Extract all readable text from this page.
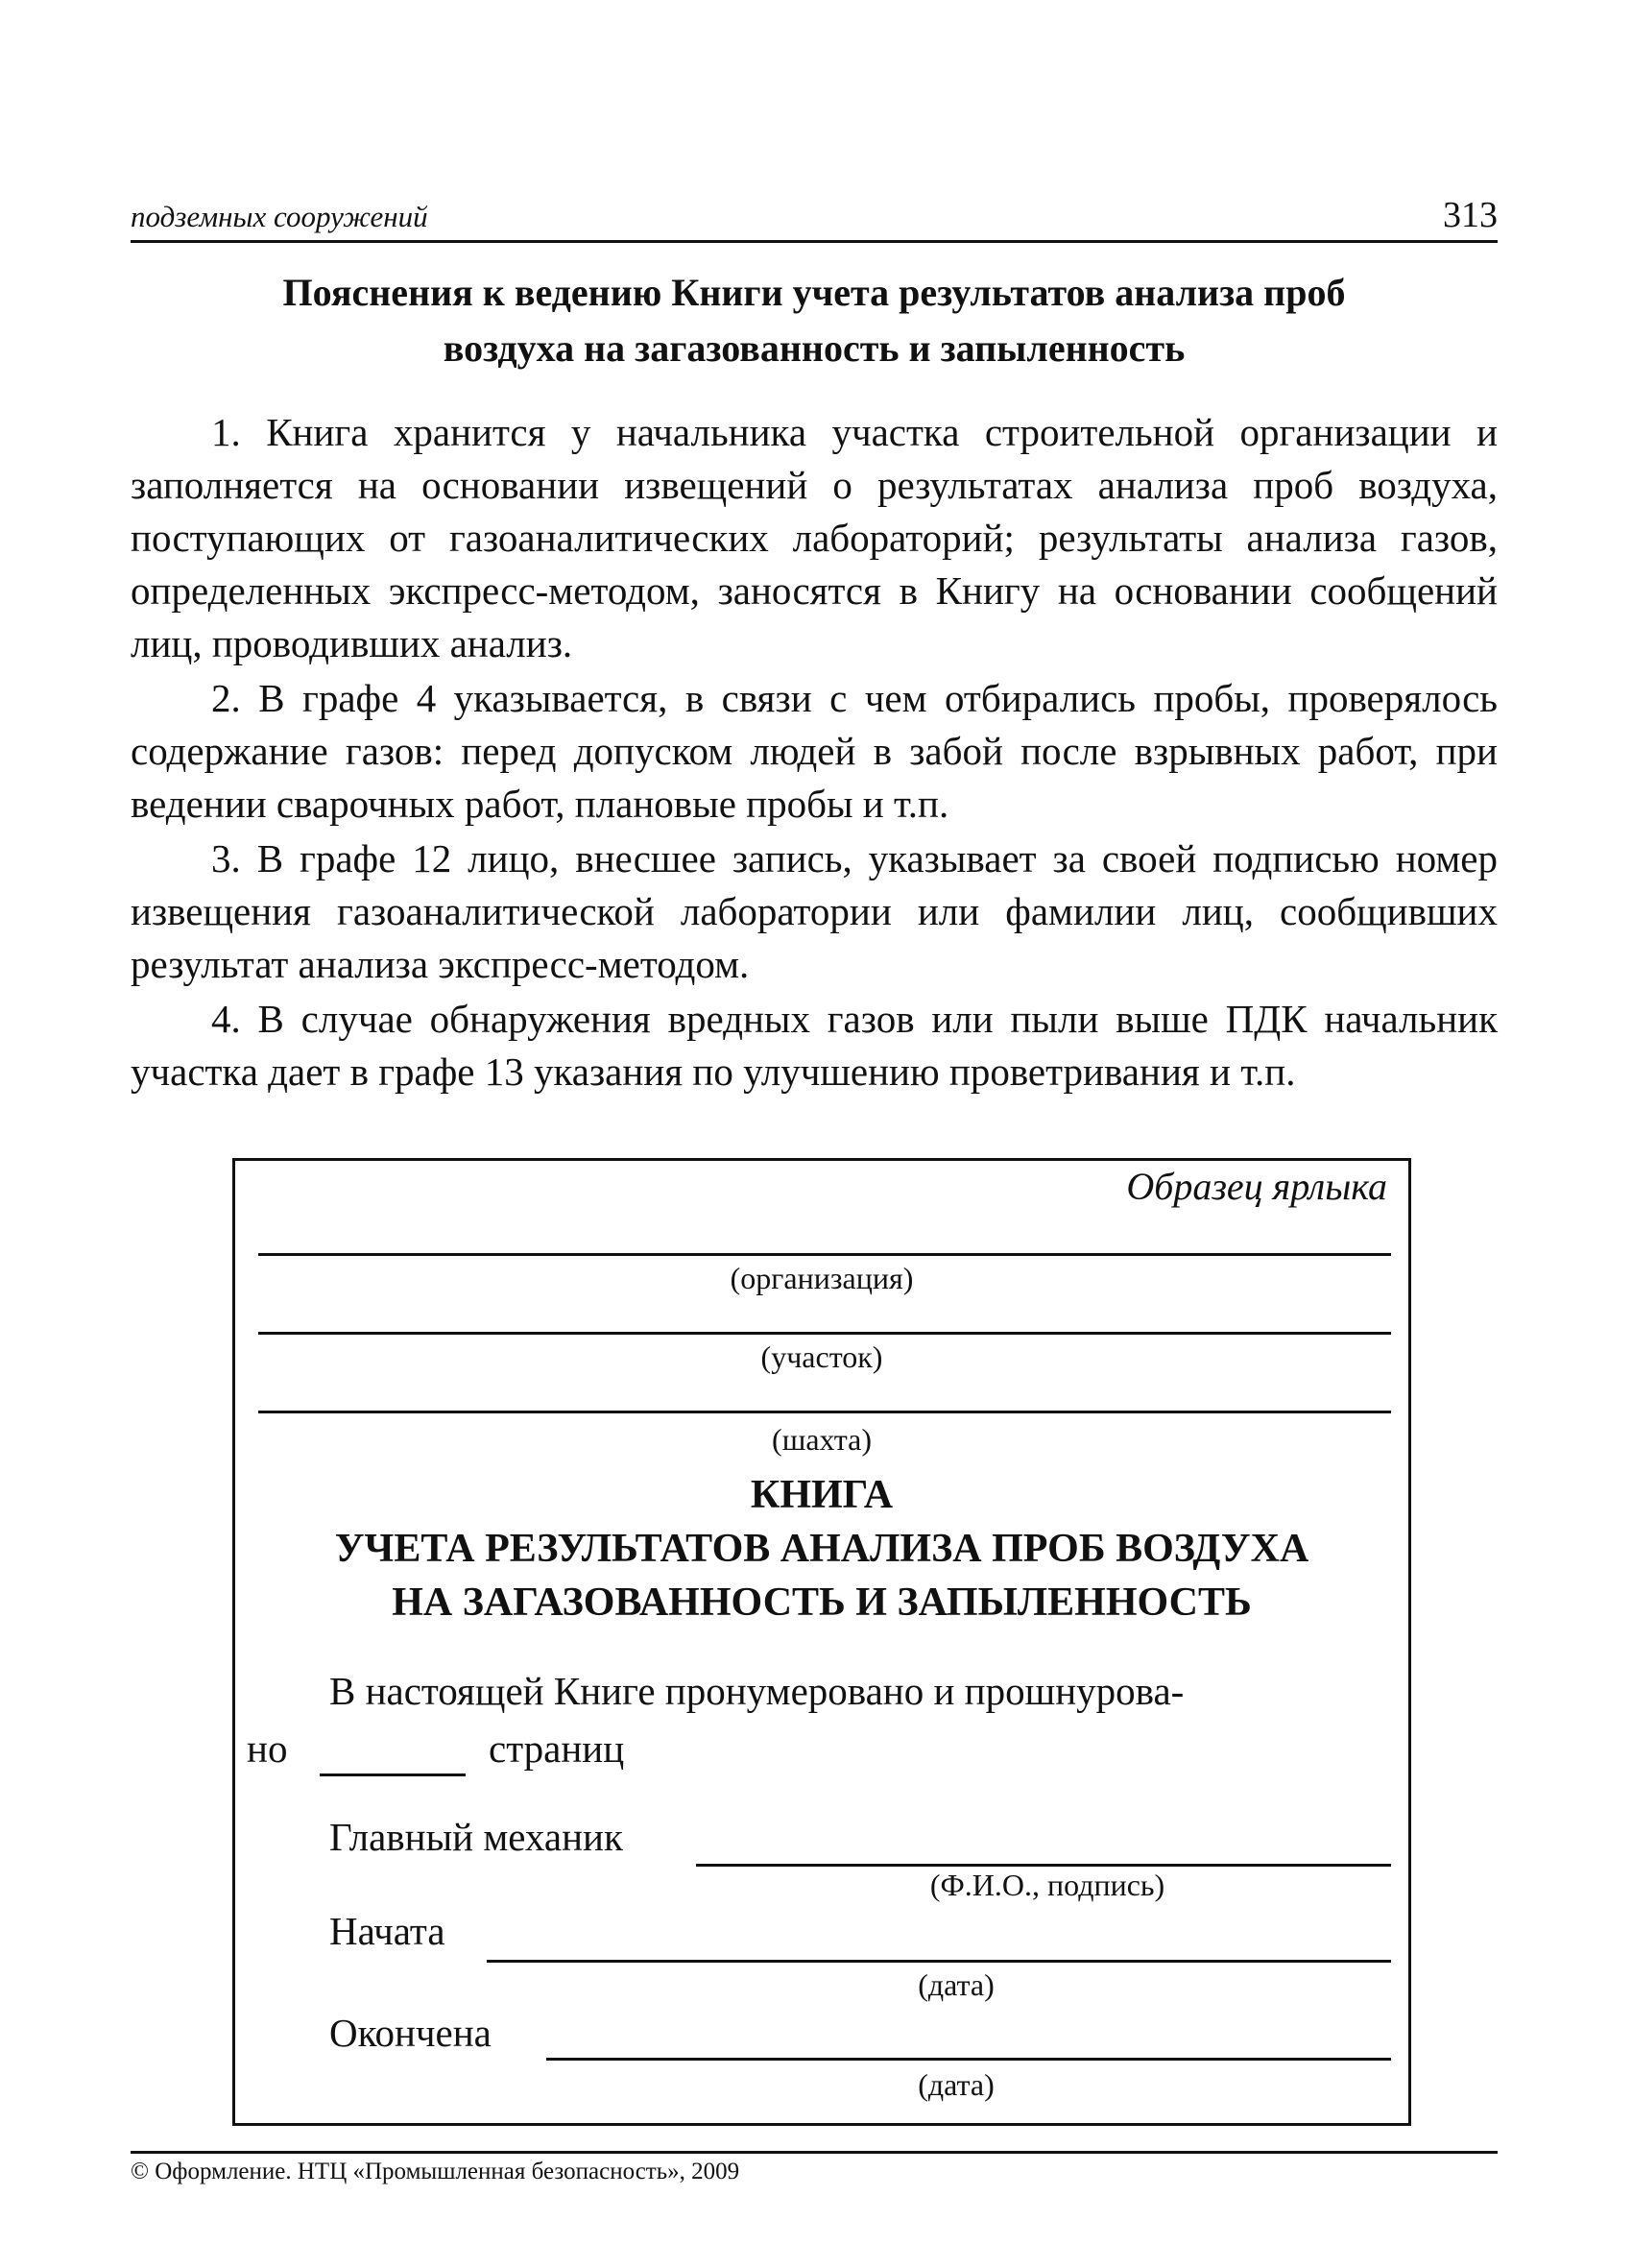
подземных сооружений	313
Пояснения к ведению Книги учета результатов анализа проб
воздуха на загазованность и запыленность

1. Книга хранится у начальника участка строительной организации и заполняется на основании извещений о результатах анализа проб воздуха, поступающих от газоаналитических лабораторий; результаты анализа газов, определенных экспресс-методом, заносятся в Книгу на основании сообщений лиц, проводивших анализ.

2. В графе 4 указывается, в связи с чем отбирались пробы, проверялось содержание газов: перед допуском людей в забой после взрывных работ, при ведении сварочных работ, плановые пробы и т.п.

3. В графе 12 лицо, внесшее запись, указывает за своей подписью номер извещения газоаналитической лаборатории или фамилии лиц, сообщивших результат анализа экспресс-методом.

4. В случае обнаружения вредных газов или пыли выше ПДК начальник участка дает в графе 13 указания по улучшению проветривания и т.п.

Образец ярлыка
(организация)
(участок)
(шахта)
КНИГА
УЧЕТА РЕЗУЛЬТАТОВ АНАЛИЗА ПРОБ ВОЗДУХА
НА ЗАГАЗОВАННОСТЬ И ЗАПЫЛЕННОСТЬ
В настоящей Книге пронумеровано и прошнурова-
но	страниц
Главный механик
(Ф.И.О., подпись)
Начата
(дата)
Окончена
(дата)
© Оформление. НТЦ «Промышленная безопасность», 2009
